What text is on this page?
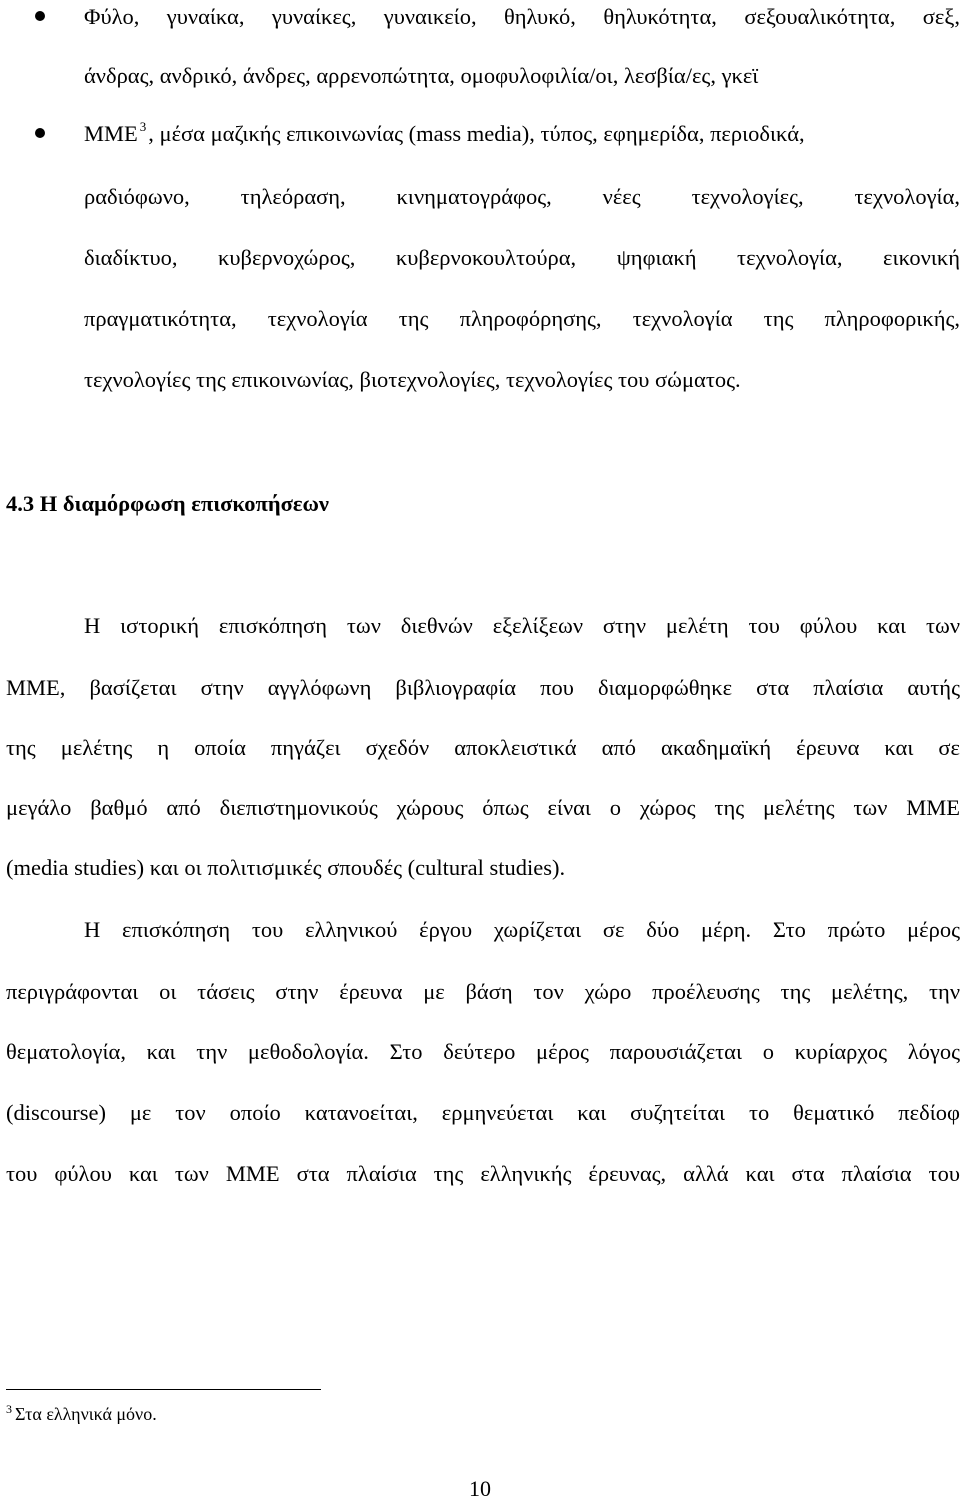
Φύλο, γυναίκα, γυναίκες, γυναικείο, θηλυκό, θηλυκότητα, σεξουαλικότητα, σεξ,
άνδρας, ανδρικό, άνδρες, αρρενοπώτητα, ομοφυλοφιλία/οι, λεσβία/ες, γκεϊ
ΜΜΕ $^3$, μέσα μαζικής επικοινωνίας (mass media), τύπος, εφημερίδα, περιοδικά,
ραδιόφωνο, τηλεόραση, κινηματογράφος, νέες τεχνολογίες, τεχνολογία,
διαδίκτυο, κυβερνοχώρος, κυβερνοκουλτούρα, ψηφιακή τεχνολογία, εικονική
πραγματικότητα, τεχνολογία της πληροφόρησης, τεχνολογία της πληροφορικής,
τεχνολογίες της επικοινωνίας, βιοτεχνολογίες, τεχνολογίες του σώματος.
4.3 Η διαμόρφωση επισκοπήσεων
Η ιστορική επισκόπηση των διεθνών εξελίξεων στην μελέτη του φύλου και των
ΜΜΕ, βασίζεται στην αγγλόφωνη βιβλιογραφία που διαμορφώθηκε στα πλαίσια αυτής
της μελέτης η οποία πηγάζει σχεδόν αποκλειστικά από ακαδημαϊκή έρευνα και σε
μεγάλο βαθμό από διεπιστημονικούς χώρους όπως είναι ο χώρος της μελέτης των ΜΜΕ
(media studies) και οι πολιτισμικές σπουδές (cultural studies).
Η επισκόπηση του ελληνικού έργου χωρίζεται σε δύο μέρη. Στο πρώτο μέρος
περιγράφονται οι τάσεις στην έρευνα με βάση τον χώρο προέλευσης της μελέτης, την
θεματολογία, και την μεθοδολογία. Στο δεύτερο μέρος παρουσιάζεται ο κυρίαρχος λόγος
(discourse) με τον οποίο κατανοείται, ερμηνεύεται και συζητείται το θεματικό πεδίοφ
του φύλου και των ΜΜΕ στα πλαίσια της ελληνικής έρευνας, αλλά και στα πλαίσια του
$^3$ Στα ελληνικά μόνο.
10
